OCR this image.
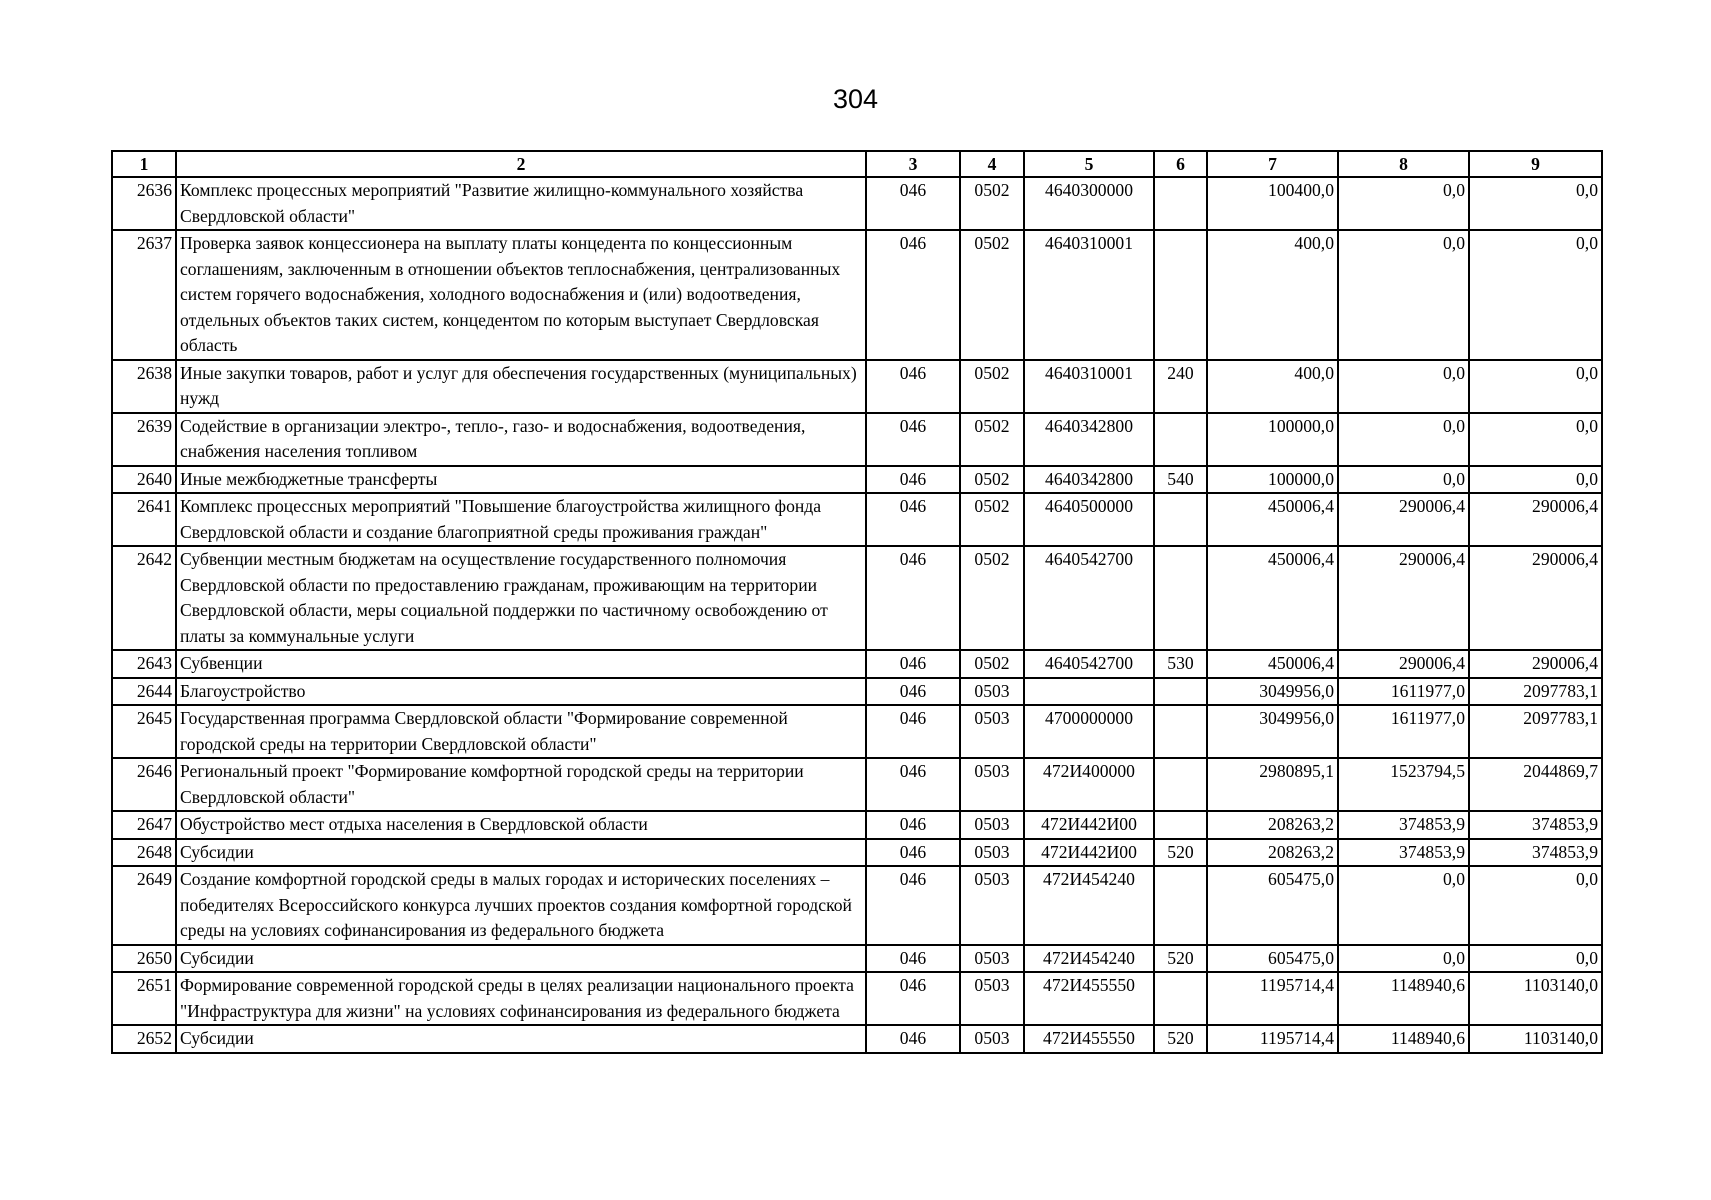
304
1	2	3	4	5	6	7	8	9
2636	Комплекс процессных мероприятий "Развитие жилищно-коммунального хозяйства Свердловской области"	046	0502	4640300000		100400,0	0,0	0,0
2637	Проверка заявок концессионера на выплату платы концедента по концессионным соглашениям, заключенным в отношении объектов теплоснабжения, централизованных систем горячего водоснабжения, холодного водоснабжения и (или) водоотведения, отдельных объектов таких систем, концедентом по которым выступает Свердловская область	046	0502	4640310001		400,0	0,0	0,0
2638	Иные закупки товаров, работ и услуг для обеспечения государственных (муниципальных) нужд	046	0502	4640310001	240	400,0	0,0	0,0
2639	Содействие в организации электро-, тепло-, газо- и водоснабжения, водоотведения, снабжения населения топливом	046	0502	4640342800		100000,0	0,0	0,0
2640	Иные межбюджетные трансферты	046	0502	4640342800	540	100000,0	0,0	0,0
2641	Комплекс процессных мероприятий "Повышение благоустройства жилищного фонда Свердловской области и создание благоприятной среды проживания граждан"	046	0502	4640500000		450006,4	290006,4	290006,4
2642	Субвенции местным бюджетам на осуществление государственного полномочия Свердловской области по предоставлению гражданам, проживающим на территории Свердловской области, меры социальной поддержки по частичному освобождению от платы за коммунальные услуги	046	0502	4640542700		450006,4	290006,4	290006,4
2643	Субвенции	046	0502	4640542700	530	450006,4	290006,4	290006,4
2644	Благоустройство	046	0503			3049956,0	1611977,0	2097783,1
2645	Государственная программа Свердловской области "Формирование современной городской среды на территории Свердловской области"	046	0503	4700000000		3049956,0	1611977,0	2097783,1
2646	Региональный проект "Формирование комфортной городской среды на территории Свердловской области"	046	0503	472И400000		2980895,1	1523794,5	2044869,7
2647	Обустройство мест отдыха населения в Свердловской области	046	0503	472И442И00		208263,2	374853,9	374853,9
2648	Субсидии	046	0503	472И442И00	520	208263,2	374853,9	374853,9
2649	Создание комфортной городской среды в малых городах и исторических поселениях – победителях Всероссийского конкурса лучших проектов создания комфортной городской среды на условиях софинансирования из федерального бюджета	046	0503	472И454240		605475,0	0,0	0,0
2650	Субсидии	046	0503	472И454240	520	605475,0	0,0	0,0
2651	Формирование современной городской среды в целях реализации национального проекта "Инфраструктура для жизни" на условиях софинансирования из федерального бюджета	046	0503	472И455550		1195714,4	1148940,6	1103140,0
2652	Субсидии	046	0503	472И455550	520	1195714,4	1148940,6	1103140,0
